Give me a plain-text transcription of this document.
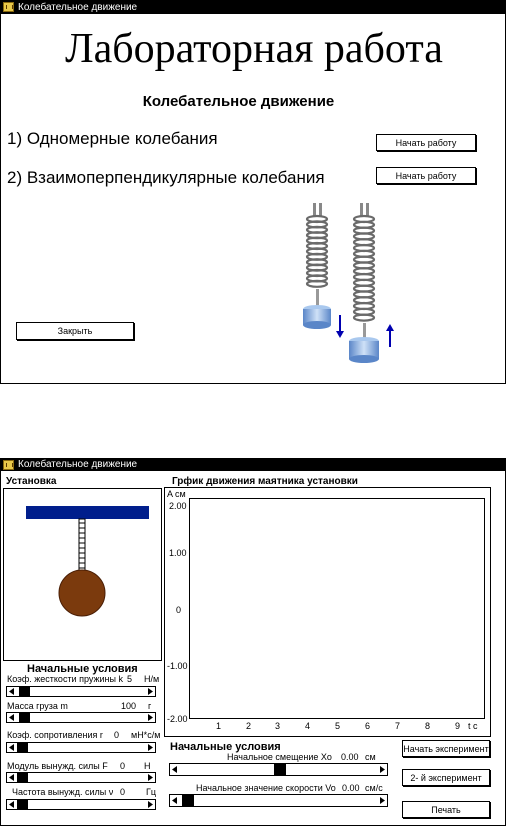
Колебательное движение
Лабораторная работа
Колебательное движение
1) Одномерные колебания	Начать работу
2) Взаимоперпендикулярные колебания	Начать работу
Закрыть
Колебательное движение
Установка	Грфик движения маятника установки
Начальные условия
Коэф. жесткости пружины k 5 Н/м
Масса груза m	100 г
Коэф. сопротивления r 0 мН*с/м
Модуль вынужд. силы F 0 Н
Частота вынужд. силы ν 0 Гц
A см
2.00
1.00
0
-1.00
-2.00
1	2	3	4	5	6	7	8	9 t с
Начальные условия
Начальное смещение Xo 0.00 см
Начальное значение скорости Vo 0.00 см/с
Начать эксперимент
2- й эксперимент
Печать
